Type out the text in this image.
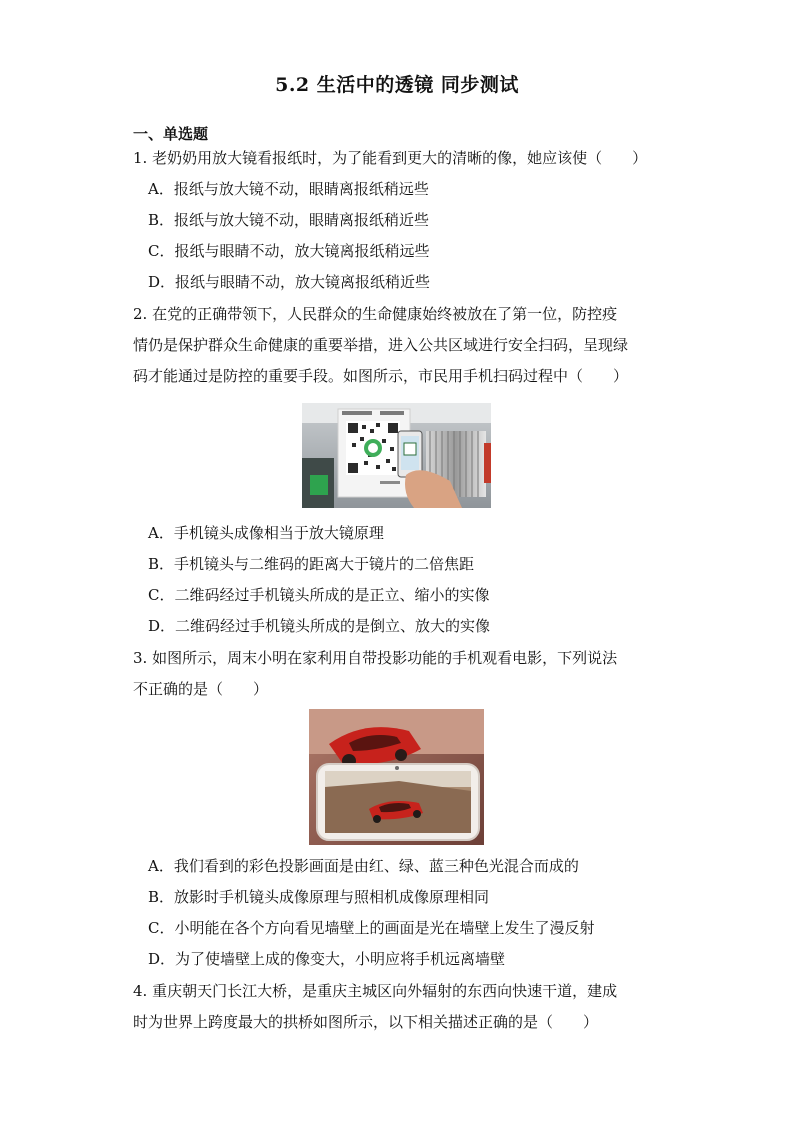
5.2 生活中的透镜 同步测试
一、单选题
1. 老奶奶用放大镜看报纸时，为了能看到更大的清晰的像，她应该使（　　）
A．报纸与放大镜不动，眼睛离报纸稍远些
B．报纸与放大镜不动，眼睛离报纸稍近些
C．报纸与眼睛不动，放大镜离报纸稍远些
D．报纸与眼睛不动，放大镜离报纸稍近些
2. 在党的正确带领下，人民群众的生命健康始终被放在了第一位，防控疫
情仍是保护群众生命健康的重要举措，进入公共区域进行安全扫码，呈现绿
码才能通过是防控的重要手段。如图所示，市民用手机扫码过程中（　　）
A．手机镜头成像相当于放大镜原理
B．手机镜头与二维码的距离大于镜片的二倍焦距
C．二维码经过手机镜头所成的是正立、缩小的实像
D．二维码经过手机镜头所成的是倒立、放大的实像
3. 如图所示，周末小明在家利用自带投影功能的手机观看电影，下列说法
不正确的是（　　）
A．我们看到的彩色投影画面是由红、绿、蓝三种色光混合而成的
B．放影时手机镜头成像原理与照相机成像原理相同
C．小明能在各个方向看见墙壁上的画面是光在墙壁上发生了漫反射
D．为了使墙壁上成的像变大，小明应将手机远离墙壁
4. 重庆朝天门长江大桥，是重庆主城区向外辐射的东西向快速干道，建成
时为世界上跨度最大的拱桥如图所示，以下相关描述正确的是（　　）
